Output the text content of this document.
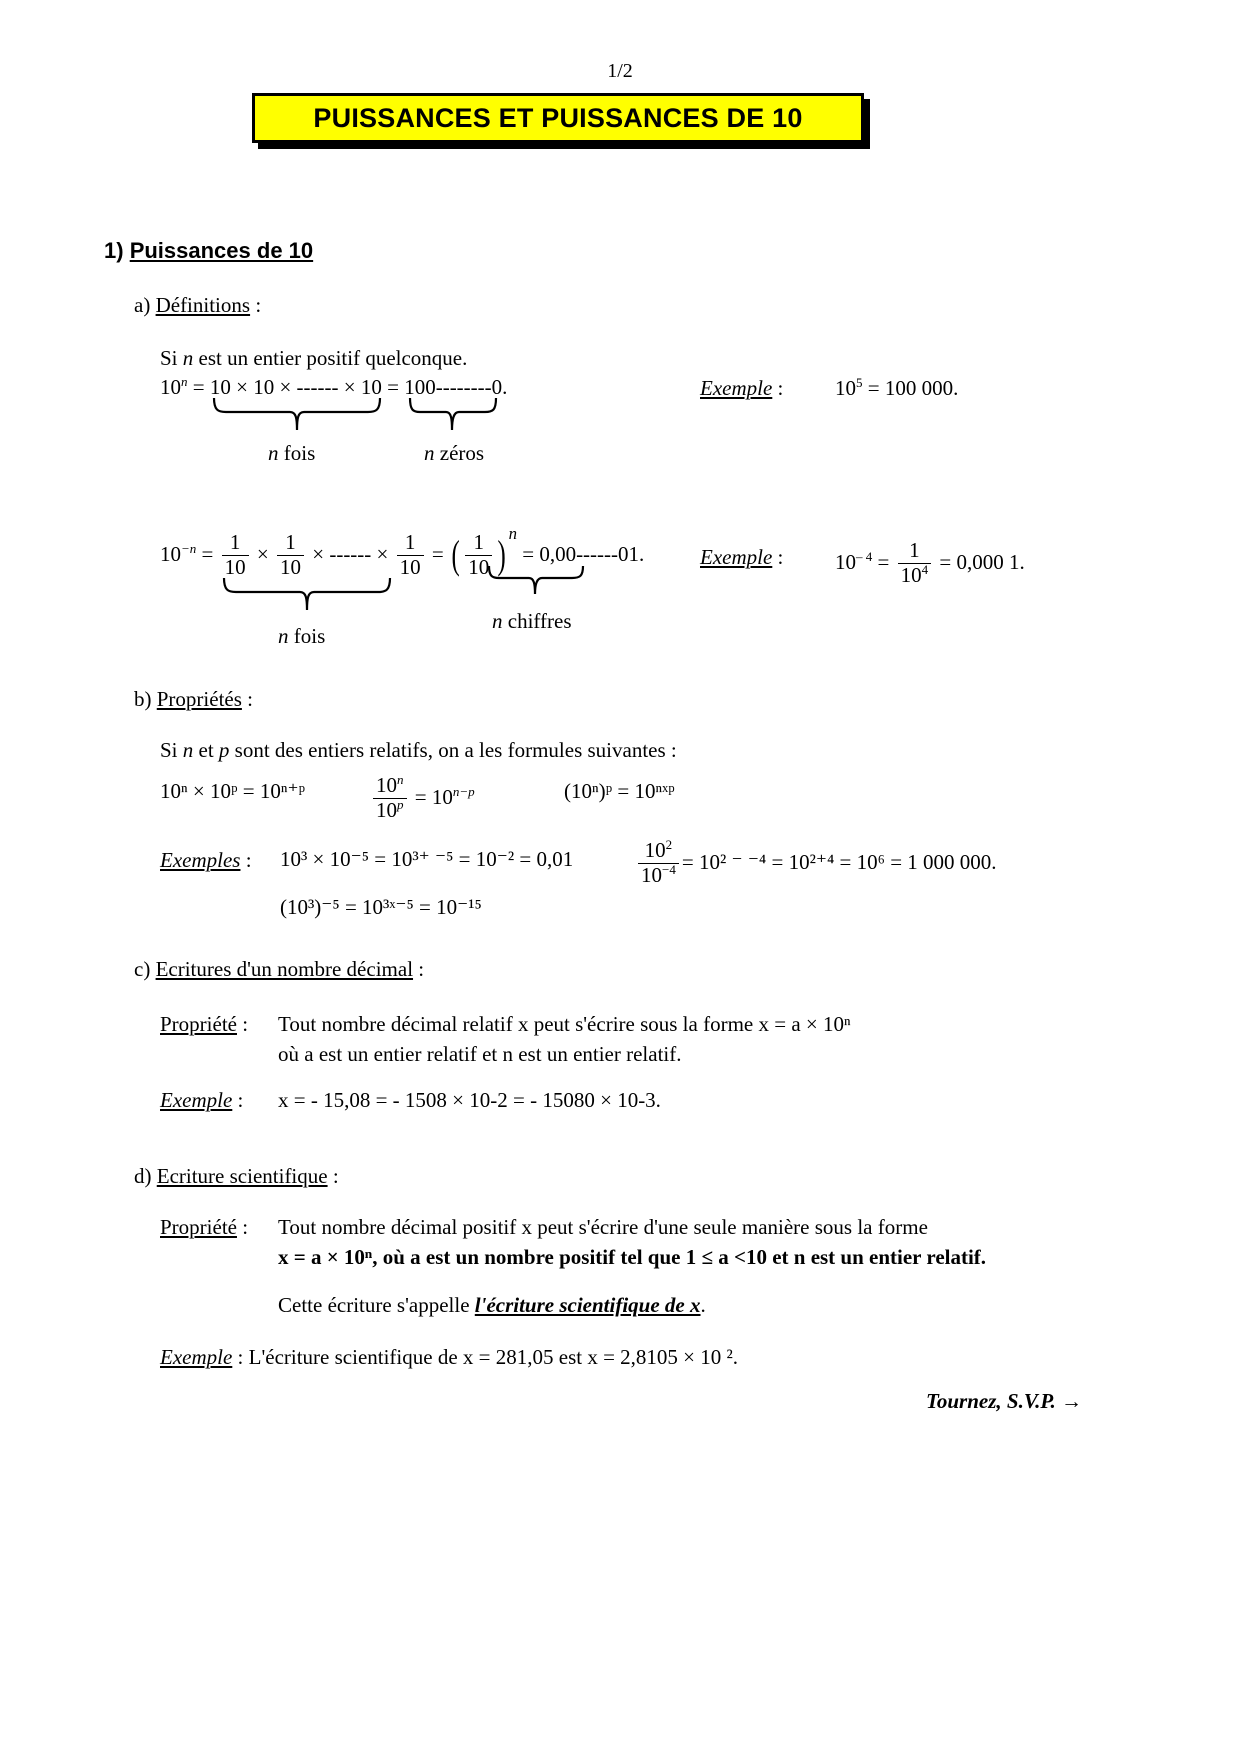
1/2
PUISSANCES ET PUISSANCES DE 10
1) Puissances de 10
a) Définitions :
Si n est un entier positif quelconque.
$10^n = 10 \times 10$ × ------ × 10 = 100--------0.
n fois	n zéros
Exemple : $10^5 = 100$ 000.
$10^{-n} = \frac{1}{10} \times \frac{1}{10}$ × ------ × $\frac{1}{10}$ = ( $\frac{1}{10}$ ) $^n$ = 0,00------01.
n fois
n chiffres
Exemple : $10^{- 4} = \frac{1}{10^4} = 0,000$ 1.
b) Propriétés :
Si n et p sont des entiers relatifs, on a les formules suivantes :
10ⁿ × 10ᵖ = 10ⁿ⁺ᵖ	$\frac{10^n}{10^p} = 10^{n-p}$	(10ⁿ)ᵖ = 10ⁿˣᵖ
Exemples : 10³ × 10⁻⁵ = 10³⁺ ⁻⁵ = 10⁻² = 0,01	$\frac{10^2}{10^{-4}} = 10^2$ ⁻ ⁻⁴ = 10²⁺⁴ = 10⁶ = 1 000 000.
(10³)⁻⁵ = 10³ˣ⁻⁵ = 10⁻¹⁵
c) Ecritures d'un nombre décimal :
Propriété : Tout nombre décimal relatif x peut s'écrire sous la forme x = a × 10ⁿ
où a est un entier relatif et n est un entier relatif.
Exemple : x = - 15,08 = - 1508 × 10-2 = - 15080 × 10-3.
d) Ecriture scientifique :
Propriété : Tout nombre décimal positif x peut s'écrire d'une seule manière sous la forme
x = a × 10ⁿ, où a est un nombre positif tel que 1 ≤ a <10 et n est un entier relatif.
Cette écriture s'appelle l'écriture scientifique de x.
Exemple : L'écriture scientifique de x = 281,05 est x = 2,8105 × 10 ².
Tournez, S.V.P. →
